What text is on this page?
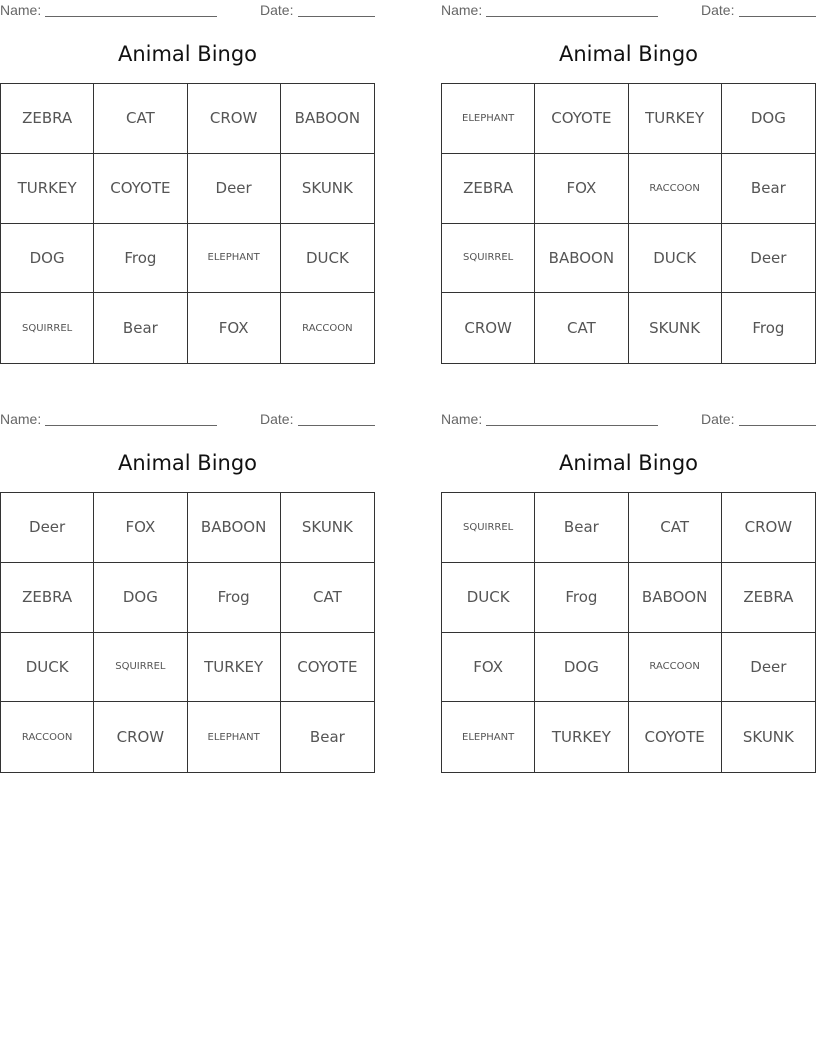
Name:	Date:
Animal Bingo
ZEBRA	CAT	CROW	BABOON
TURKEY	COYOTE	Deer	SKUNK
DOG	Frog	ELEPHANT	DUCK
SQUIRREL	Bear	FOX	RACCOON
Name:	Date:
Animal Bingo
ELEPHANT	COYOTE	TURKEY	DOG
ZEBRA	FOX	RACCOON	Bear
SQUIRREL	BABOON	DUCK	Deer
CROW	CAT	SKUNK	Frog
Name:	Date:
Animal Bingo
Deer	FOX	BABOON	SKUNK
ZEBRA	DOG	Frog	CAT
DUCK	SQUIRREL	TURKEY	COYOTE
RACCOON	CROW	ELEPHANT	Bear
Name:	Date:
Animal Bingo
SQUIRREL	Bear	CAT	CROW
DUCK	Frog	BABOON	ZEBRA
FOX	DOG	RACCOON	Deer
ELEPHANT	TURKEY	COYOTE	SKUNK
